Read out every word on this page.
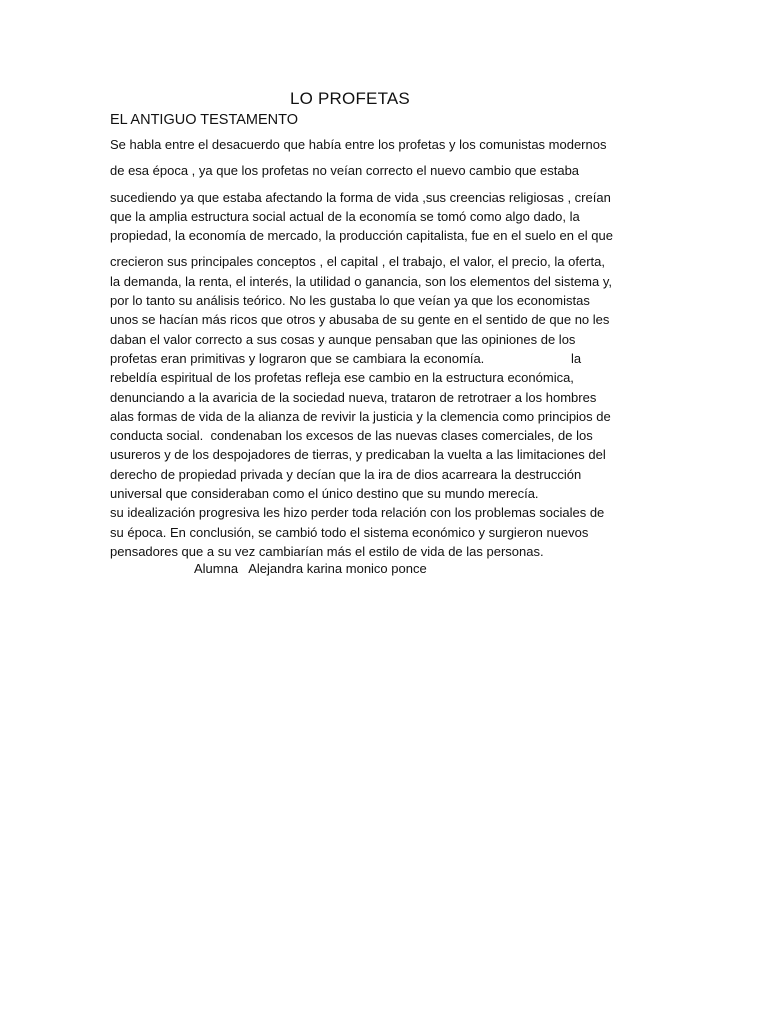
LO PROFETAS
EL ANTIGUO TESTAMENTO
Se habla entre el desacuerdo que había entre los profetas y los comunistas modernos
de esa época , ya que los profetas no veían correcto el nuevo cambio que estaba
sucediendo ya que estaba afectando la forma de vida ,sus creencias religiosas , creían
que la amplia estructura social actual de la economía se tomó como algo dado, la
propiedad, la economía de mercado, la producción capitalista, fue en el suelo en el que
crecieron sus principales conceptos , el capital , el trabajo, el valor, el precio, la oferta,
la demanda, la renta, el interés, la utilidad o ganancia, son los elementos del sistema y,
por lo tanto su análisis teórico. No les gustaba lo que veían ya que los economistas
unos se hacían más ricos que otros y abusaba de su gente en el sentido de que no les
daban el valor correcto a sus cosas y aunque pensaban que las opiniones de los
profetas eran primitivas y lograron que se cambiara la economía.                        la
rebeldía espiritual de los profetas refleja ese cambio en la estructura económica,
denunciando a la avaricia de la sociedad nueva, trataron de retrotraer a los hombres
alas formas de vida de la alianza de revivir la justicia y la clemencia como principios de
conducta social.  condenaban los excesos de las nuevas clases comerciales, de los
usureros y de los despojadores de tierras, y predicaban la vuelta a las limitaciones del
derecho de propiedad privada y decían que la ira de dios acarrearа la destrucción
universal que consideraban como el único destino que su mundo merecía.
su idealización progresiva les hizo perder toda relación con los problemas sociales de
su época. En conclusión, se cambió todo el sistema económico y surgieron nuevos
pensadores que a su vez cambiarían más el estilo de vida de las personas.
Alumna   Alejandra karina monico ponce
